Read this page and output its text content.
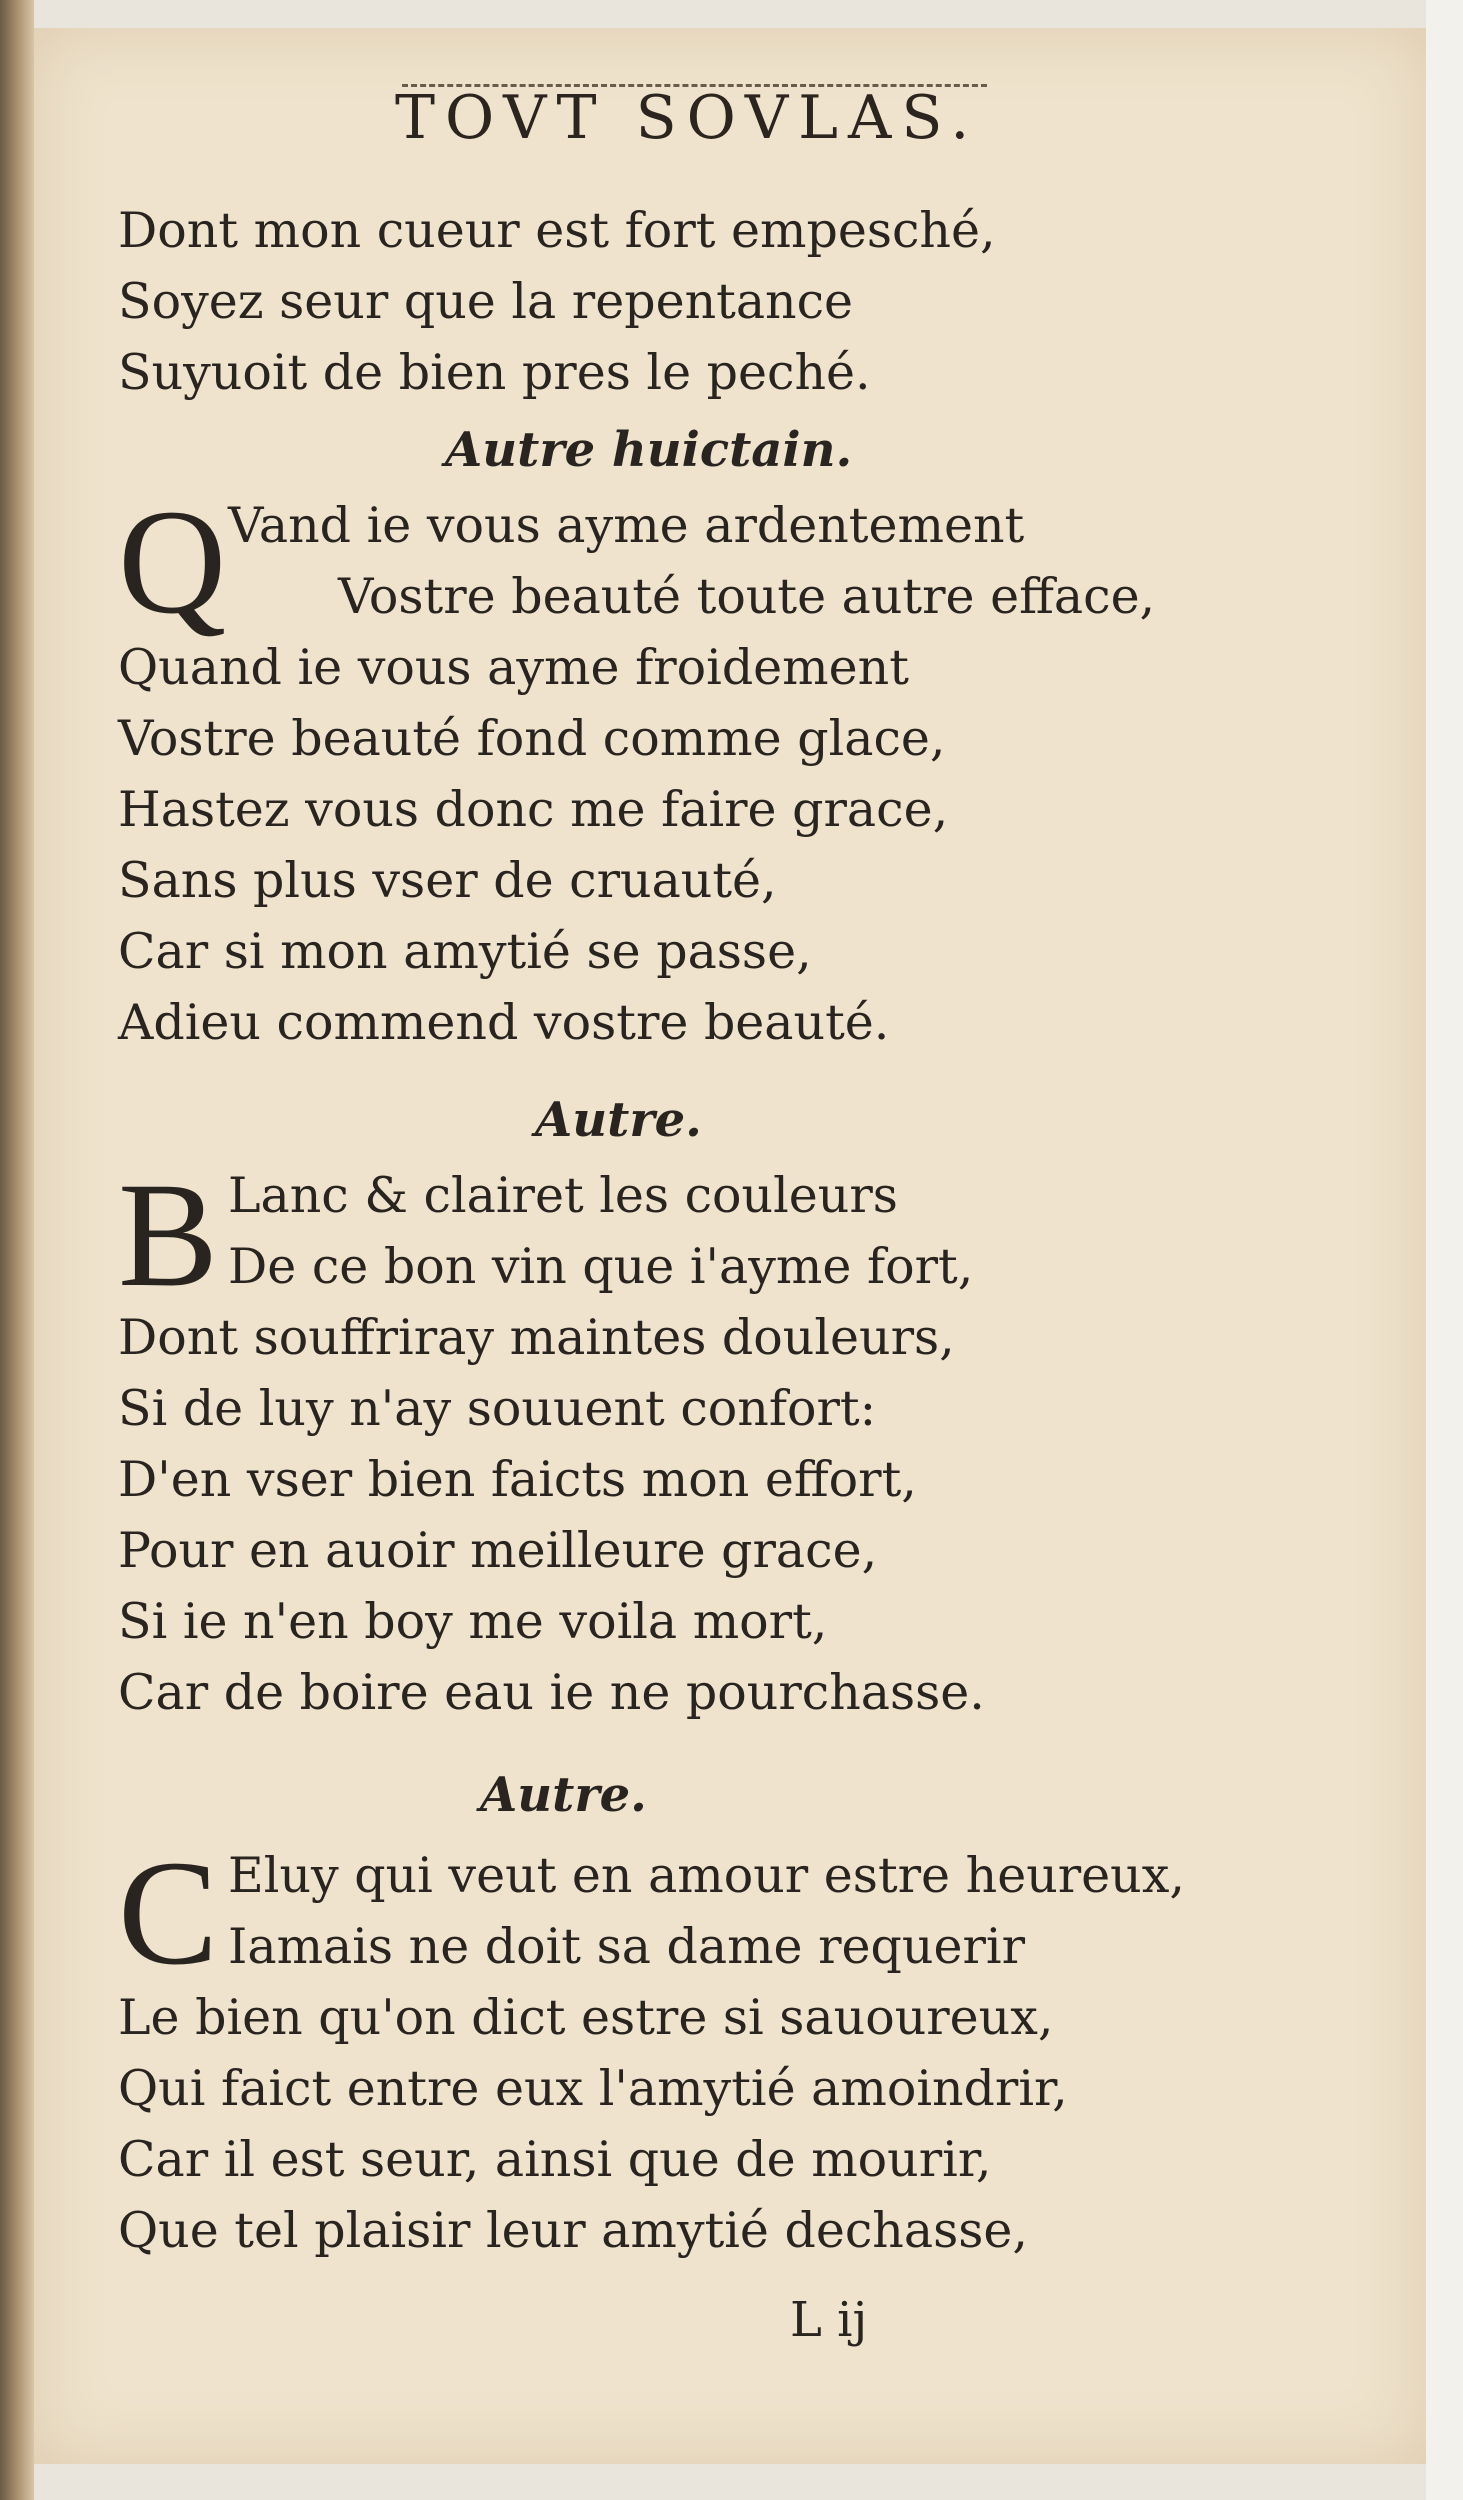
TOVT SOVLAS.
Dont mon cueur est fort empesché,
Soyez seur que la repentance
Suyuoit de bien pres le peché.
Autre huictain.
Q Vand ie vous ayme ardentement
Vostre beauté toute autre efface,
Quand ie vous ayme froidement
Vostre beauté fond comme glace,
Hastez vous donc me faire grace,
Sans plus vser de cruauté,
Car si mon amytié se passe,
Adieu commend vostre beauté.
Autre.
B Lanc & clairet les couleurs
De ce bon vin que i'ayme fort,
Dont souffriray maintes douleurs,
Si de luy n'ay souuent confort:
D'en vser bien faicts mon effort,
Pour en auoir meilleure grace,
Si ie n'en boy me voila mort,
Car de boire eau ie ne pourchasse.
Autre.
C Eluy qui veut en amour estre heureux,
Iamais ne doit sa dame requerir
Le bien qu'on dict estre si sauoureux,
Qui faict entre eux l'amytié amoindrir,
Car il est seur, ainsi que de mourir,
Que tel plaisir leur amytié dechasse,
L ij
